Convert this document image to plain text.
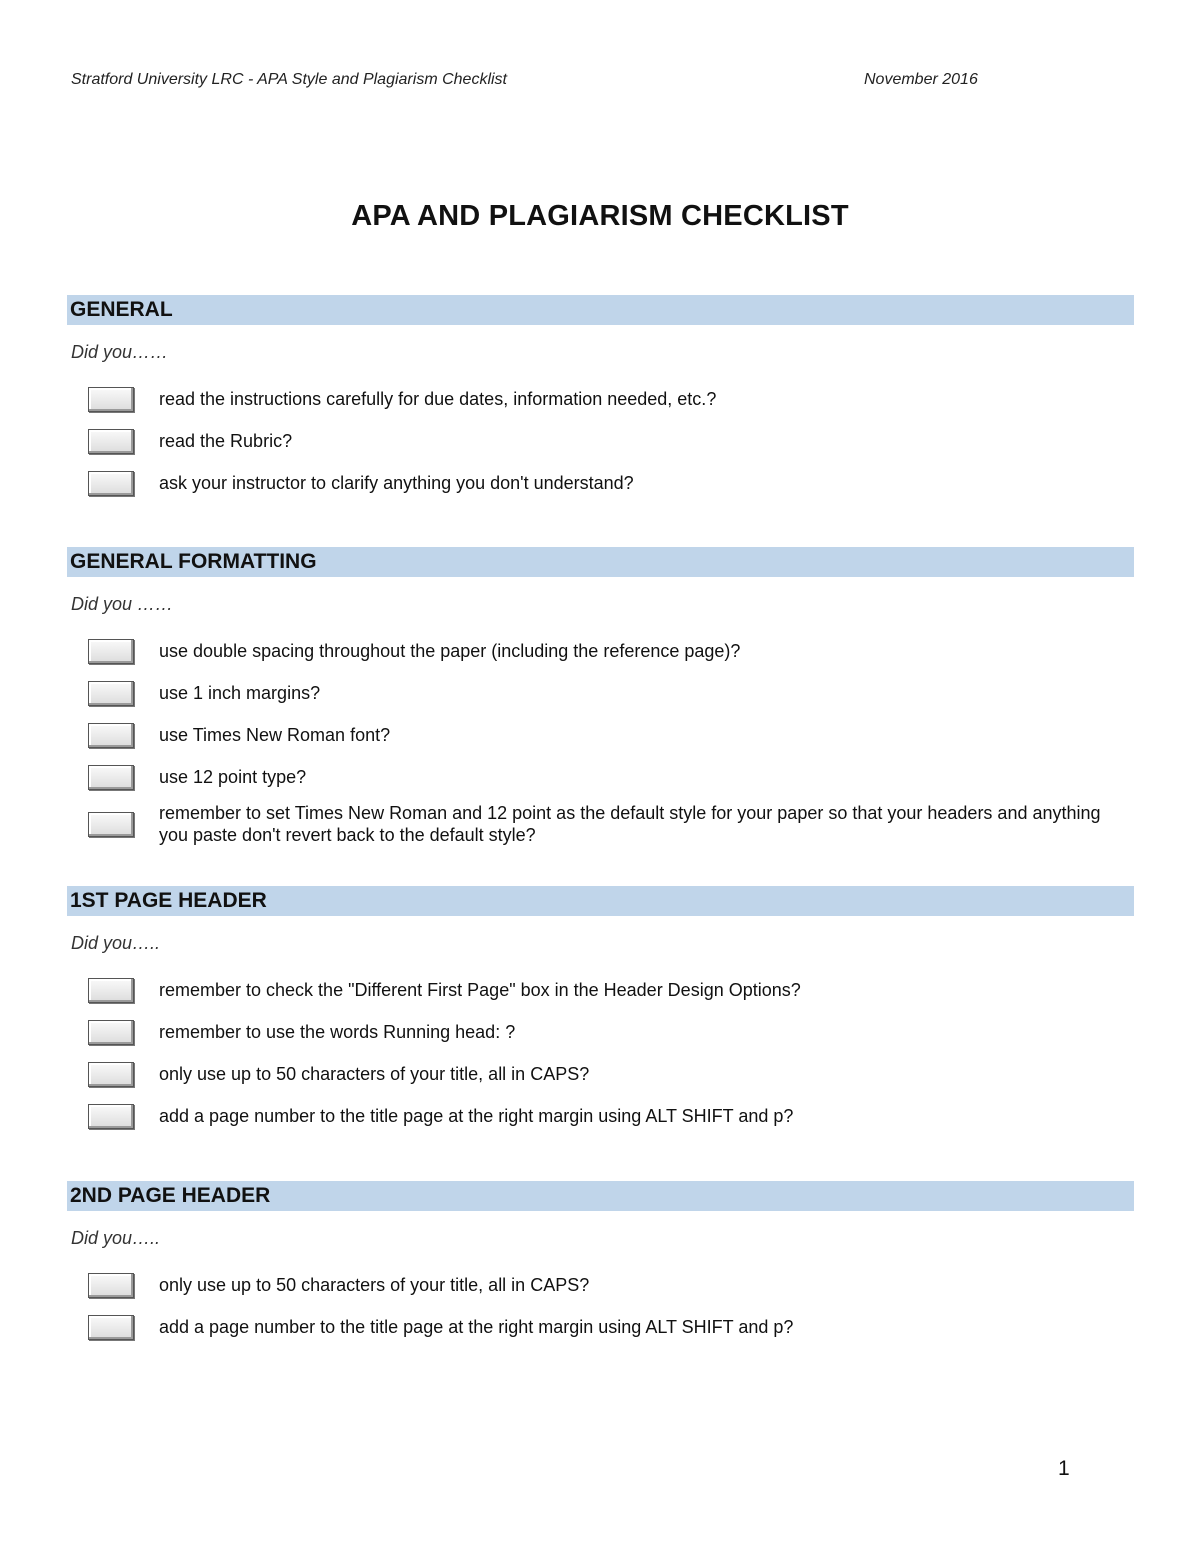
Stratford University LRC - APA Style and Plagiarism Checklist	November 2016
APA AND PLAGIARISM CHECKLIST
GENERAL
Did you……
read the instructions carefully for due dates, information needed, etc.?
read the Rubric?
ask your instructor to clarify anything you don't understand?
GENERAL FORMATTING
Did you ……
use double spacing throughout the paper (including the reference page)?
use 1 inch margins?
use Times New Roman font?
use 12 point type?
remember to set Times New Roman and 12 point as the default style for your paper so that your headers and anything you paste don't revert back to the default style?
1ST PAGE HEADER
Did you…..
remember to check the "Different First Page" box in the Header Design Options?
remember to use the words Running head: ?
only use up to 50 characters of your title, all in CAPS?
add a page number to the title page at the right margin using ALT SHIFT and p?
2ND PAGE HEADER
Did you…..
only use up to 50 characters of your title, all in CAPS?
add a page number to the title page at the right margin using ALT SHIFT and p?
1
